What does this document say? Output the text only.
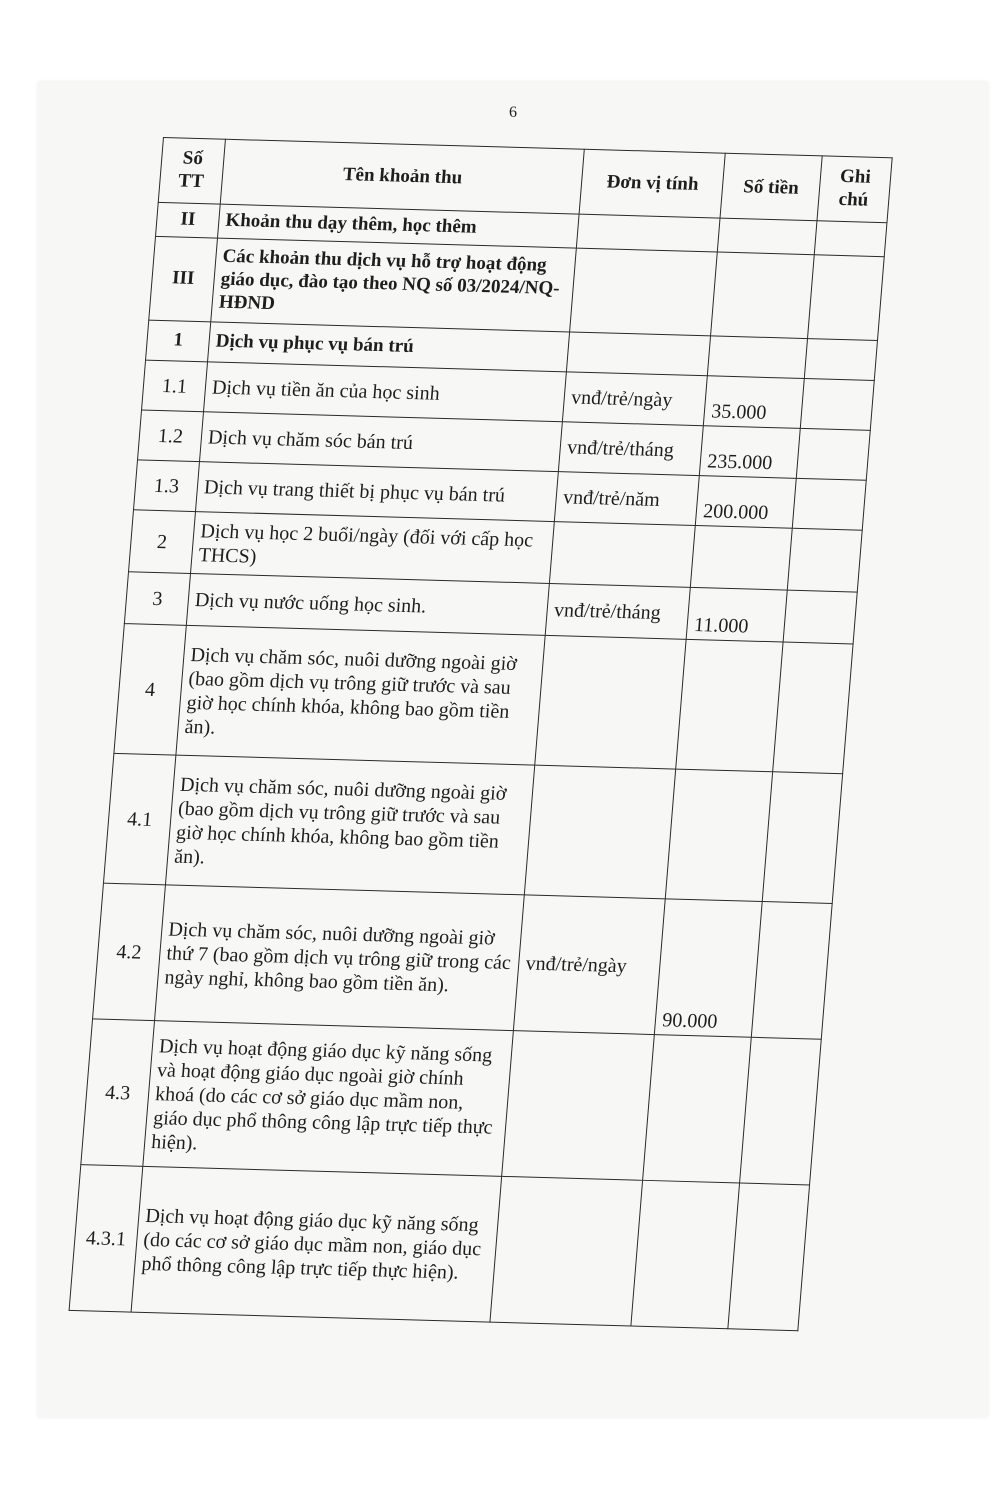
6
Số TT	Tên khoản thu	Đơn vị tính	Số tiền	Ghi chú
II	Khoản thu dạy thêm, học thêm			
III	Các khoản thu dịch vụ hỗ trợ hoạt động giáo dục, đào tạo theo NQ số 03/2024/NQ-HĐND			
1	Dịch vụ phục vụ bán trú			
1.1	Dịch vụ tiền ăn của học sinh	vnđ/trẻ/ngày	35.000	
1.2	Dịch vụ chăm sóc bán trú	vnđ/trẻ/tháng	235.000	
1.3	Dịch vụ trang thiết bị phục vụ bán trú	vnđ/trẻ/năm	200.000	
2	Dịch vụ học 2 buổi/ngày (đối với cấp học THCS)			
3	Dịch vụ nước uống học sinh.	vnđ/trẻ/tháng	11.000	
4	Dịch vụ chăm sóc, nuôi dưỡng ngoài giờ (bao gồm dịch vụ trông giữ trước và sau giờ học chính khóa, không bao gồm tiền ăn).			
4.1	Dịch vụ chăm sóc, nuôi dưỡng ngoài giờ (bao gồm dịch vụ trông giữ trước và sau giờ học chính khóa, không bao gồm tiền ăn).			
4.2	Dịch vụ chăm sóc, nuôi dưỡng ngoài giờ thứ 7 (bao gồm dịch vụ trông giữ trong các ngày nghỉ, không bao gồm tiền ăn).	vnđ/trẻ/ngày	90.000	
4.3	Dịch vụ hoạt động giáo dục kỹ năng sống và hoạt động giáo dục ngoài giờ chính khoá (do các cơ sở giáo dục mầm non, giáo dục phổ thông công lập trực tiếp thực hiện).			
4.3.1	Dịch vụ hoạt động giáo dục kỹ năng sống (do các cơ sở giáo dục mầm non, giáo dục phổ thông công lập trực tiếp thực hiện).			
